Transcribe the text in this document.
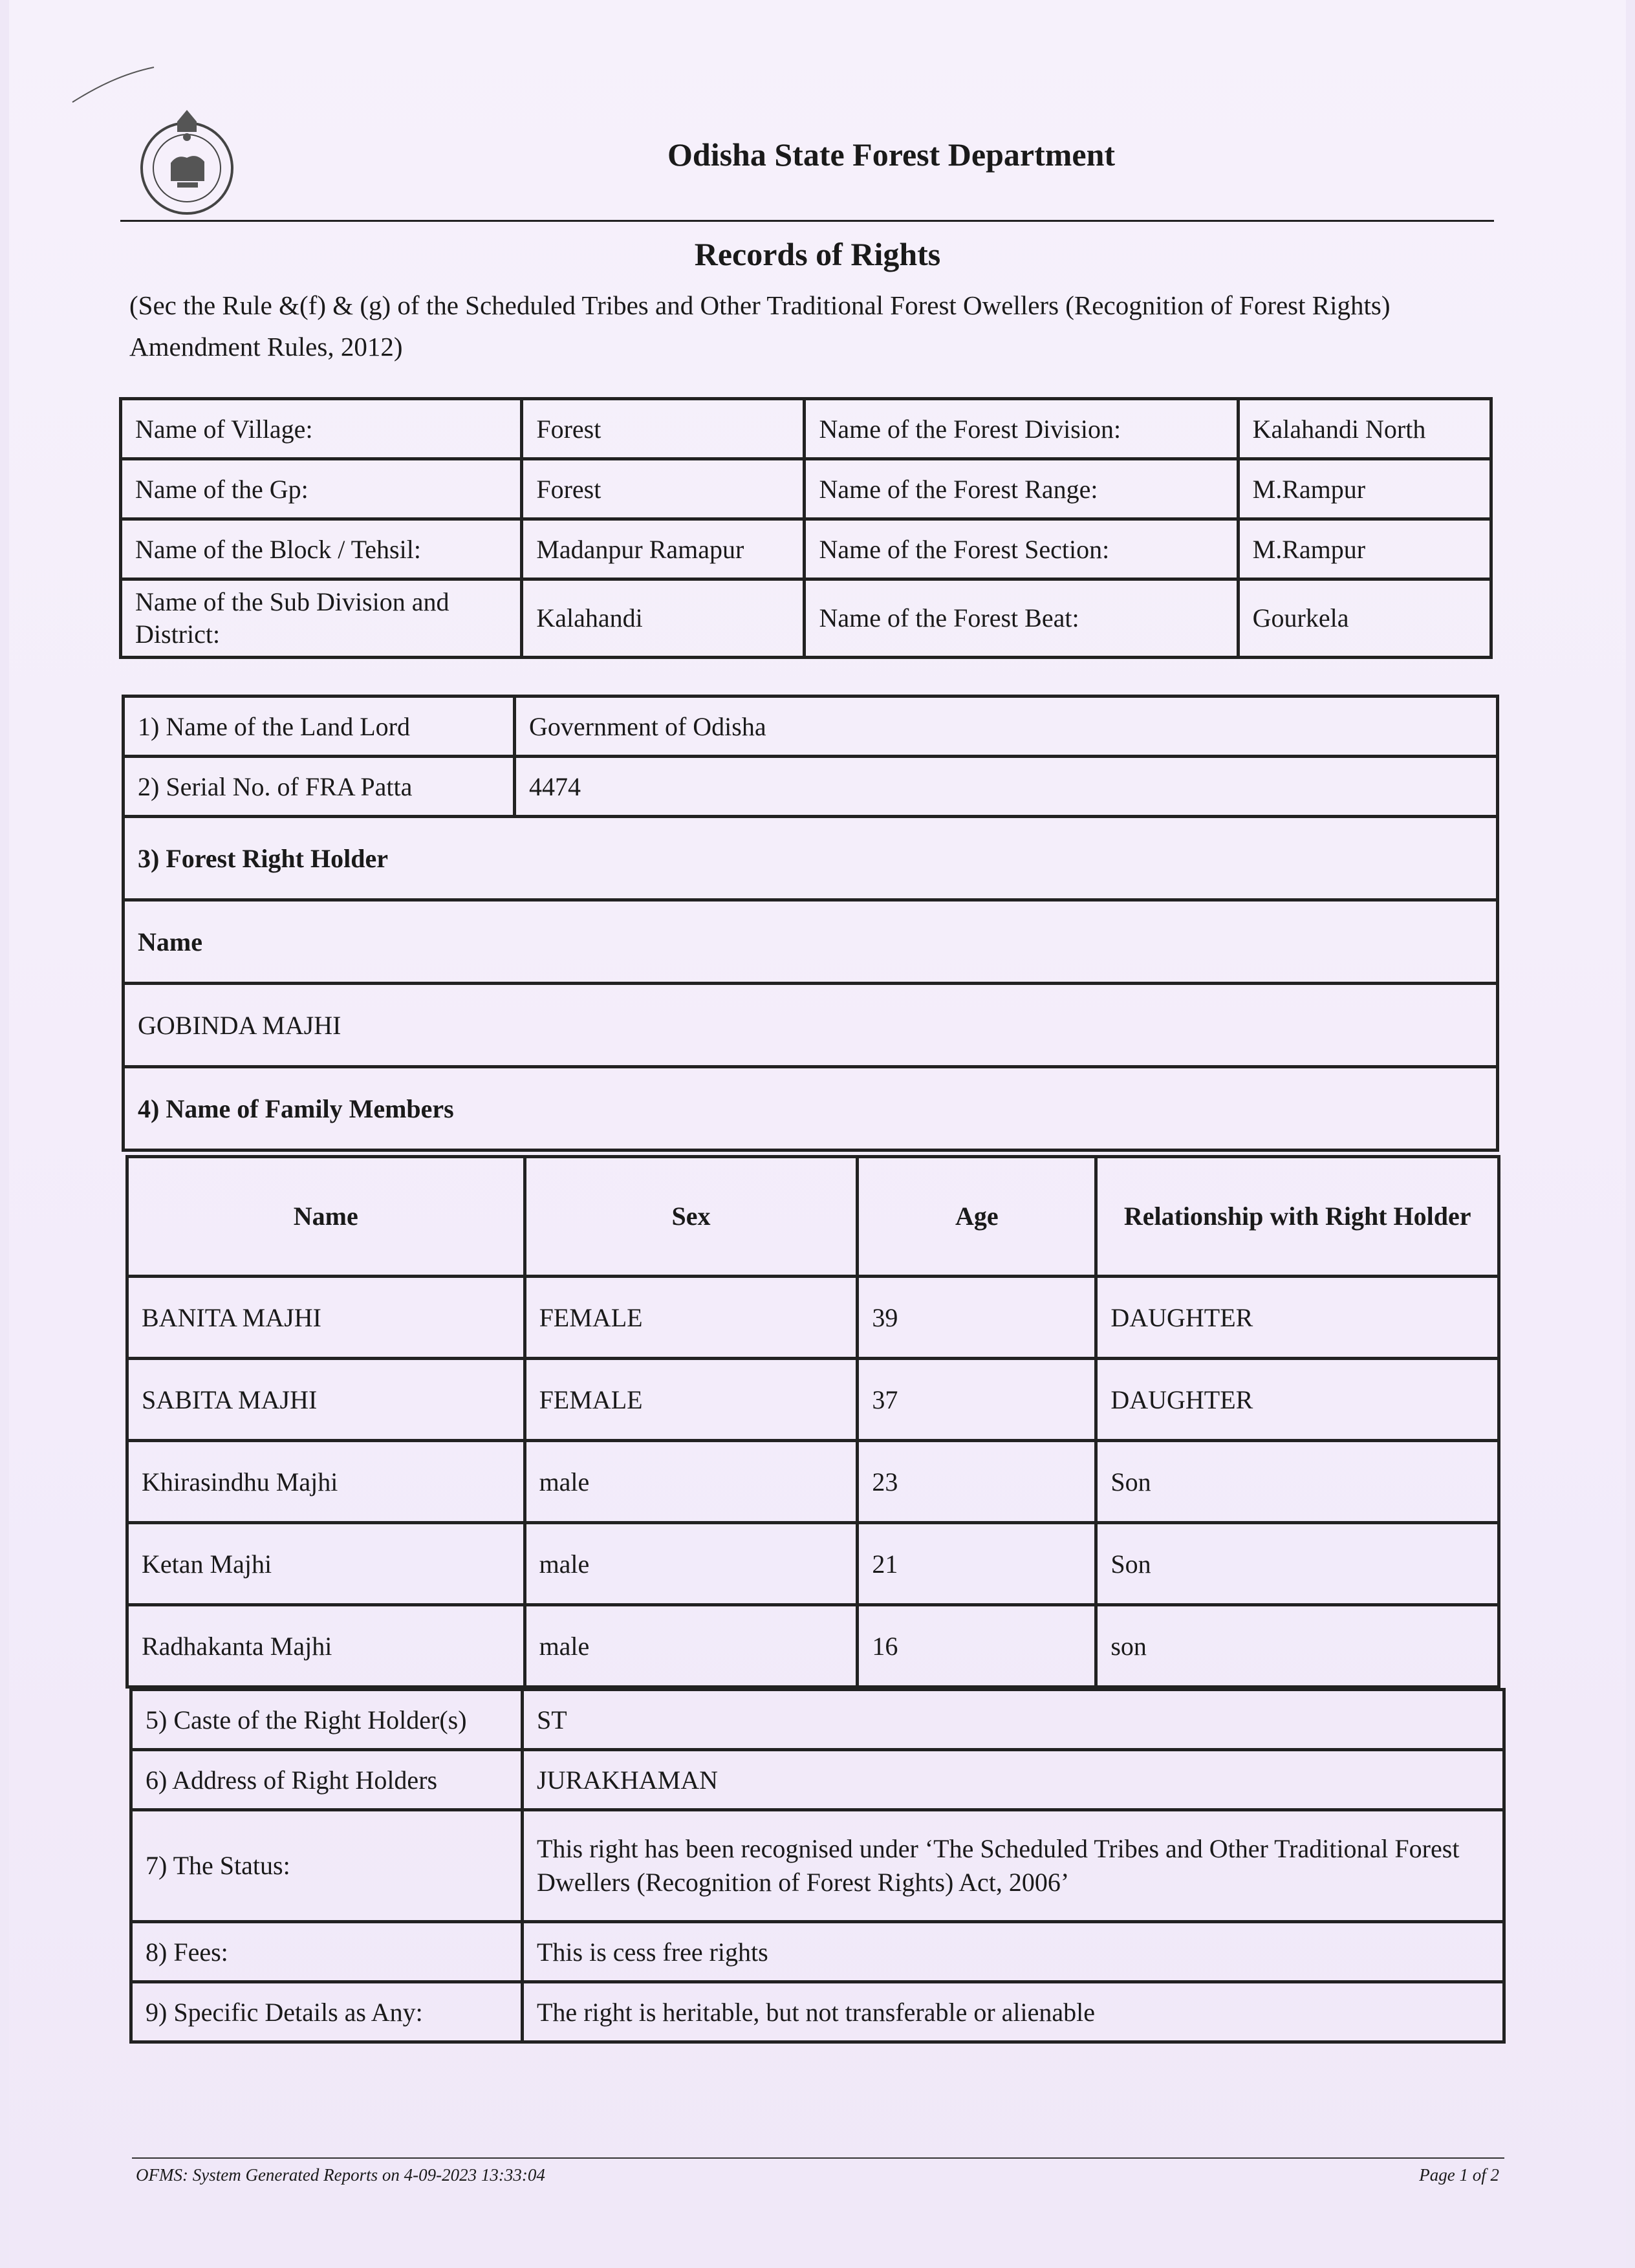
Odisha State Forest Department
Records of Rights
(Sec the Rule &(f) & (g) of the Scheduled Tribes and Other Traditional Forest Owellers (Recognition of Forest Rights) Amendment Rules, 2012)
Name of Village:	Forest	Name of the Forest Division:	Kalahandi North
Name of the Gp:	Forest	Name of the Forest Range:	M.Rampur
Name of the Block / Tehsil:	Madanpur Ramapur	Name of the Forest Section:	M.Rampur
Name of the Sub Division and District:	Kalahandi	Name of the Forest Beat:	Gourkela
1) Name of the Land Lord	Government of Odisha
2) Serial No. of FRA Patta	4474
3) Forest Right Holder	
Name	
GOBINDA MAJHI	
4) Name of Family Members	
Name	Sex	Age	Relationship with Right Holder
BANITA MAJHI	FEMALE	39	DAUGHTER
SABITA MAJHI	FEMALE	37	DAUGHTER
Khirasindhu Majhi	male	23	Son
Ketan Majhi	male	21	Son
Radhakanta Majhi	male	16	son
5) Caste of the Right Holder(s)	ST
6) Address of Right Holders	JURAKHAMAN
7) The Status:	This right has been recognised under ‘The Scheduled Tribes and Other Traditional Forest Dwellers (Recognition of Forest Rights) Act, 2006’
8) Fees:	This is cess free rights
9) Specific Details as Any:	The right is heritable, but not transferable or alienable
OFMS: System Generated Reports on 4-09-2023 13:33:04	Page 1 of 2
